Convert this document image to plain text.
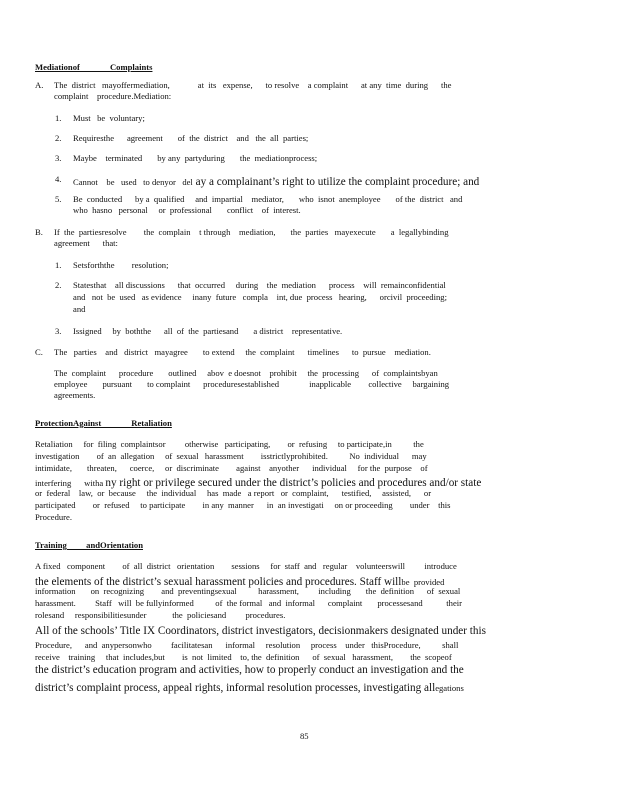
Mediationof              Complaints
A. The  district   mayoffermediation,             at  its   expense,      to resolve    a complaint      at any  time  during      the
complaint    procedure.Mediation:
1. Must   be  voluntary;
2. Requiresthe      agreement       of  the  district    and   the  all  parties;
3. Maybe    terminated       by any  partyduring       the  mediationprocess;
4. Cannot    be   used   to denyor   del ay a complainant’s right to utilize the complaint procedure; and
5. Be  conducted      by a  qualified     and  impartial    mediator,       who  isnot  anemployee       of the  district   and
who  hasno   personal     or  professional       conflict    of  interest.
B. If  the  partiesresolve        the  complain    t through    mediation,       the  parties   mayexecute       a  legallybinding
agreement      that:
1. Setsforththe        resolution;
2. Statesthat    all discussions      that  occurred     during    the  mediation      process    will  remainconfidential
and   not  be  used   as evidence     inany  future   compla    int, due  process   hearing,      orcivil  proceeding;
and
3. Issigned     by  boththe      all  of  the  partiesand       a district    representative.
C. The   parties    and   district   mayagree       to extend     the  complaint      timelines      to  pursue    mediation.
The  complaint      procedure       outlined     abov  e doesnot    prohibit     the  processing      of  complaintsbyan
employee       pursuant       to complaint      proceduresestablished              inapplicable        collective     bargaining
agreements.
ProtectionAgainst              Retaliation
Retaliation     for  filing  complaintsor         otherwise   participating,        or  refusing     to participate,in          the
investigation        of  an  allegation     of  sexual   harassment        isstrictlyprohibited.          No  individual      may
intimidate,       threaten,      coerce,     or  discriminate        against    anyother      individual     for the  purpose    of
interfering      witha ny right or privilege secured under the district’s policies and procedures and/or state
or  federal    law,  or  because     the  individual     has  made   a report   or  complaint,      testified,     assisted,      or
participated        or  refused     to participate        in any  manner      in  an investigati     on or proceeding        under    this
Procedure.
Training         andOrientation
A fixed   component        of  all  district   orientation        sessions     for  staff  and   regular    volunteerswill         introduce
the elements of the district’s sexual harassment policies and procedures. Staff willbe  provided
information       on  recognizing        and  preventingsexual          harassment,         including       the  definition      of  sexual
harassment.         Staff   will  be fullyinformed          of  the formal   and  informal      complaint       processesand           their
rolesand     responsibilitiesunder            the  policiesand         procedures.
All of the schools’ Title IX Coordinators, district investigators, decisionmakers designated under this
Procedure,      and  anypersonwho         facilitatesan      informal     resolution     process    under   thisProcedure,          shall
receive    training     that  includes,but        is  not  limited    to, the  definition      of  sexual   harassment,        the  scopeof
the district’s education program and activities, how to properly conduct an investigation and the
district’s complaint process, appeal rights, informal resolution processes, investigating allegations
85
